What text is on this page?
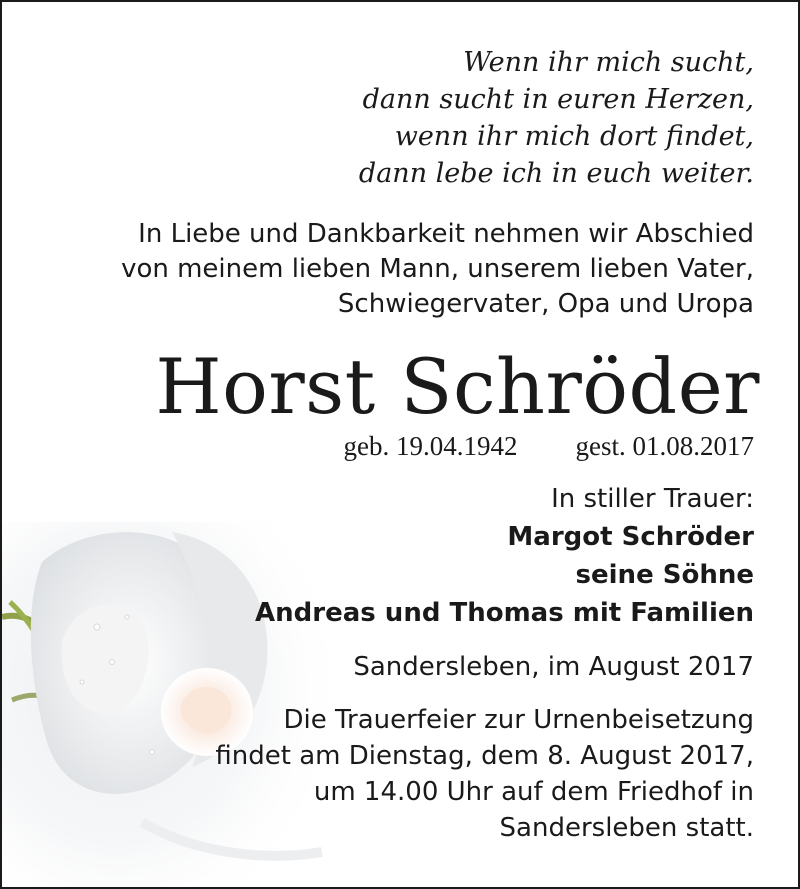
Wenn ihr mich sucht,
dann sucht in euren Herzen,
wenn ihr mich dort findet,
dann lebe ich in euch weiter.
In Liebe und Dankbarkeit nehmen wir Abschied
von meinem lieben Mann, unserem lieben Vater,
Schwiegervater, Opa und Uropa
Horst Schröder
geb. 19.04.1942 gest. 01.08.2017
In stiller Trauer:
Margot Schröder
seine Söhne
Andreas und Thomas mit Familien
Sandersleben, im August 2017
Die Trauerfeier zur Urnenbeisetzung
findet am Dienstag, dem 8. August 2017,
um 14.00 Uhr auf dem Friedhof in
Sandersleben statt.
